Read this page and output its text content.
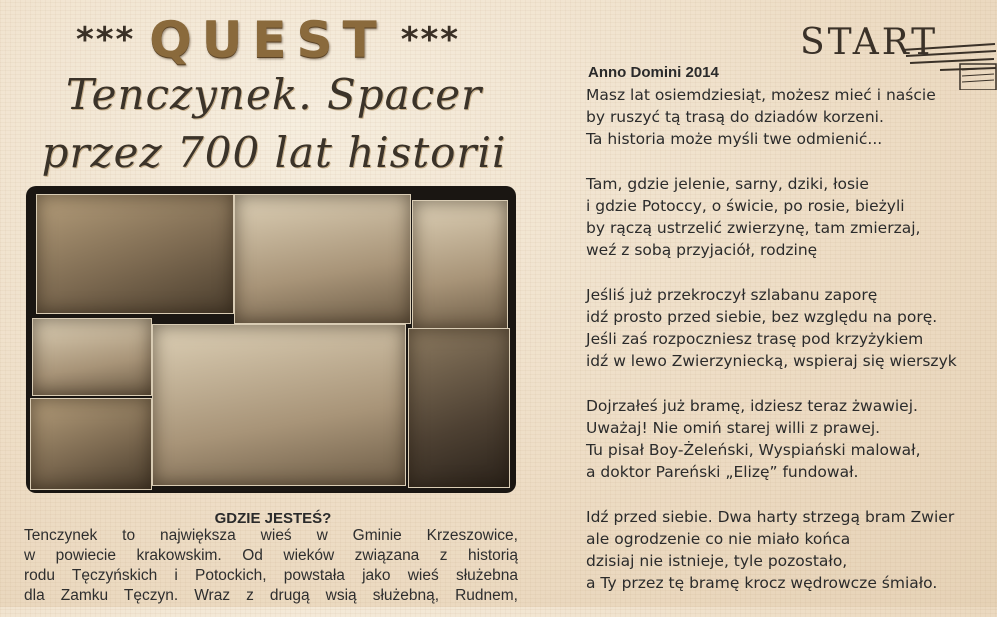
*** QUEST ***
Tenczynek. Spacer
przez 700 lat historii
GDZIE JESTEŚ?

Tenczynek to największa wieś w Gminie Krzeszowice,

w powiecie krakowskim. Od wieków związana z historią

rodu Tęczyńskich i Potockich, powstała jako wieś służebna

dla Zamku Tęczyn. Wraz z drugą wsią służebną, Rudnem,

START
Anno Domini 2014
Masz lat osiemdziesiąt, możesz mieć i naście
by ruszyć tą trasą do dziadów korzeni.
Ta historia może myśli twe odmienić...
Tam, gdzie jelenie, sarny, dziki, łosie
i gdzie Potoccy, o świcie, po rosie, bieżyli
by rączą ustrzelić zwierzynę, tam zmierzaj,
weź z sobą przyjaciół, rodzinę
Jeśliś już przekroczył szlabanu zaporę
idź prosto przed siebie, bez względu na porę.
Jeśli zaś rozpoczniesz trasę pod krzyżykiem
idź w lewo Zwierzyniecką, wspieraj się wierszyk
Dojrzałeś już bramę, idziesz teraz żwawiej.
Uważaj! Nie omiń starej willi z prawej.
Tu pisał Boy-Żeleński, Wyspiański malował,
a doktor Pareński „Elizę” fundował.
Idź przed siebie. Dwa harty strzegą bram Zwier
ale ogrodzenie co nie miało końca
dzisiaj nie istnieje, tyle pozostało,
a Ty przez tę bramę krocz wędrowcze śmiało.
